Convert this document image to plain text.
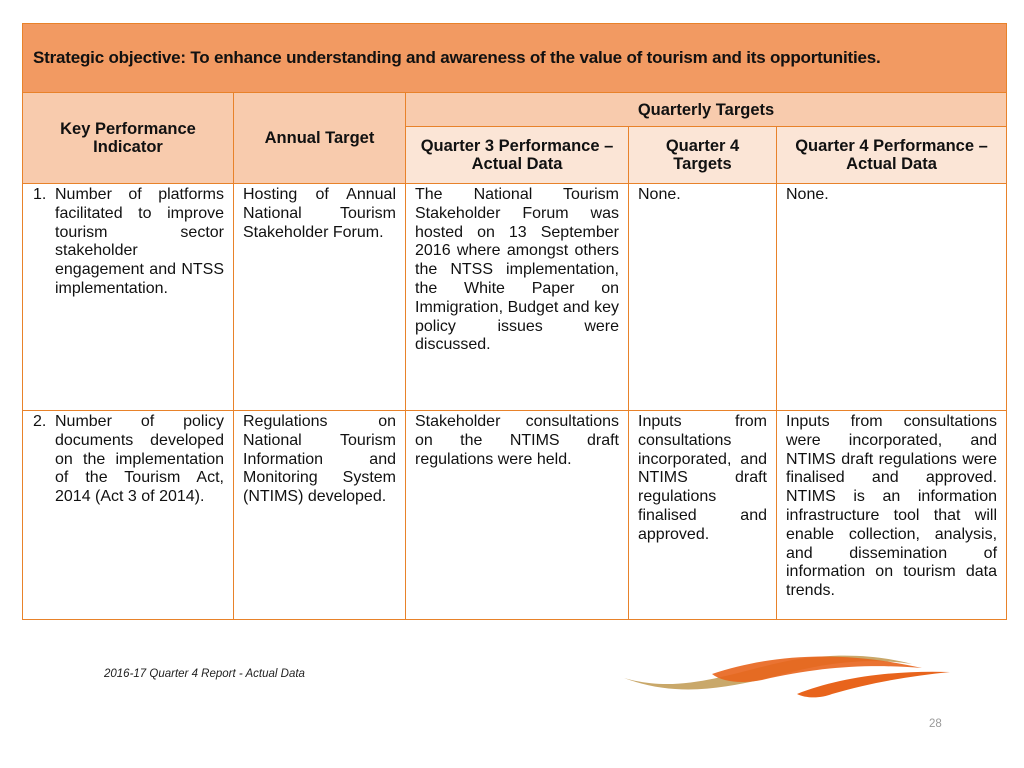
Strategic objective: To enhance understanding and awareness of the value of tourism and its opportunities.				
Key Performance Indicator	Annual Target	Quarterly Targets		
		Quarter 3 Performance – Actual Data	Quarter 4 Targets	Quarter 4 Performance – Actual Data

1. Number of platforms facilitated to improve tourism sector stakeholder engagement and NTSS implementation.	Hosting of Annual National Tourism Stakeholder Forum.	The National Tourism Stakeholder Forum was hosted on 13 September 2016 where amongst others the NTSS implementation, the White Paper on Immigration, Budget and key policy issues were discussed.	None.	None.

2. Number of policy documents developed on the implementation of the Tourism Act, 2014 (Act 3 of 2014).	Regulations on National Tourism Information and Monitoring System (NTIMS) developed.	Stakeholder consultations on the NTIMS draft regulations were held.	Inputs from consultations incorporated, and NTIMS draft regulations finalised and approved.	Inputs from consultations were incorporated, and NTIMS draft regulations were finalised and approved. NTIMS is an information infrastructure tool that will enable collection, analysis, and dissemination of information on tourism data trends.
2016-17 Quarter 4 Report - Actual Data
28
